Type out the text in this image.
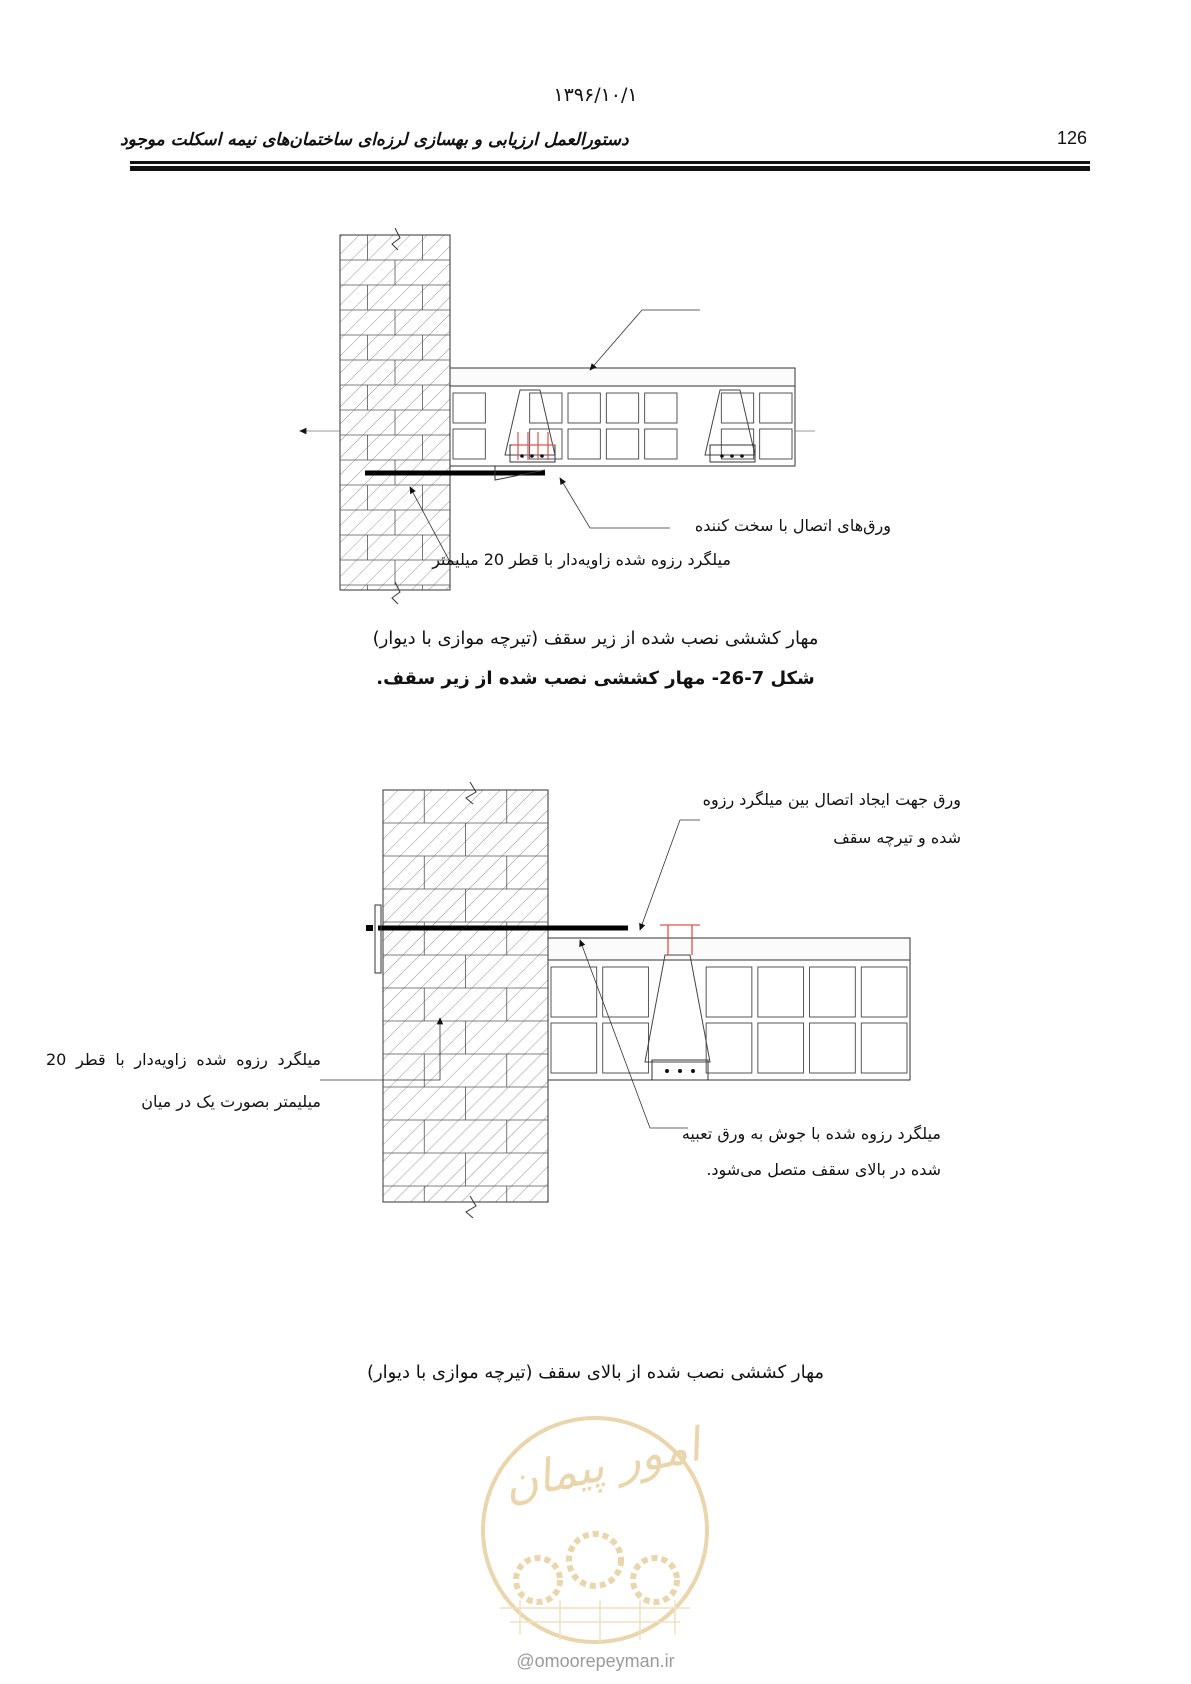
۱۳۹۶/۱۰/۱
دستورالعمل ارزیابی و بهسازی لرزه‌ای ساختمان‌های نیمه اسکلت موجود	126
امور پیمان
ورق‌های اتصال با سخت کننده
میلگرد رزوه شده زاویه‌دار با قطر 20 میلیمتر
مهار کششی نصب شده از زیر سقف (تیرچه موازی با دیوار)
شکل 7-26- مهار کششی نصب شده از زیر سقف.
ورق جهت ایجاد اتصال بین میلگرد رزوه
شده و تیرچه سقف
میلگرد رزوه شده زاویه‌دار با قطر 20
میلیمتر بصورت یک در میان
میلگرد رزوه شده با جوش به ورق تعبیه
شده در بالای سقف متصل می‌شود.
مهار کششی نصب شده از بالای سقف (تیرچه موازی با دیوار)
@omoorepeyman.ir
